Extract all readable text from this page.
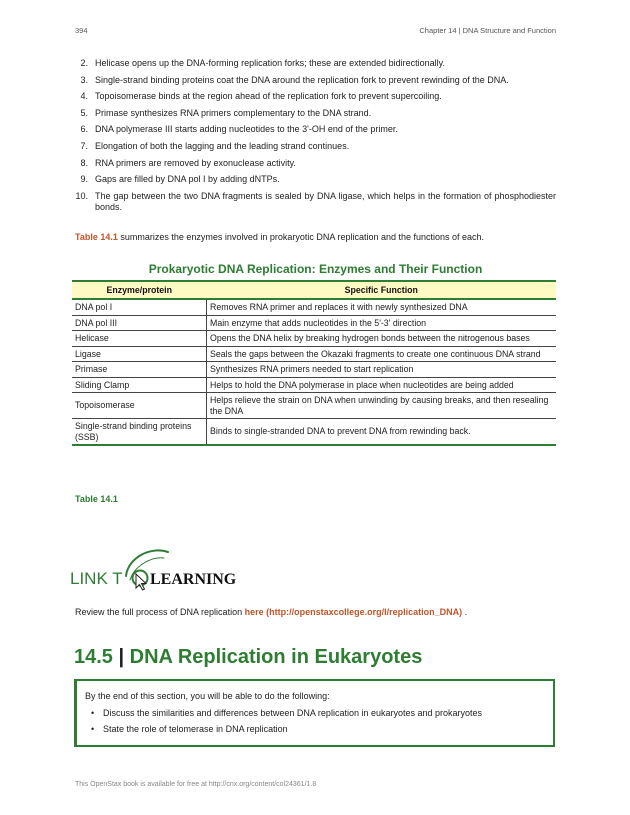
394	Chapter 14 | DNA Structure and Function
2. Helicase opens up the DNA-forming replication forks; these are extended bidirectionally.
3. Single-strand binding proteins coat the DNA around the replication fork to prevent rewinding of the DNA.
4. Topoisomerase binds at the region ahead of the replication fork to prevent supercoiling.
5. Primase synthesizes RNA primers complementary to the DNA strand.
6. DNA polymerase III starts adding nucleotides to the 3'-OH end of the primer.
7. Elongation of both the lagging and the leading strand continues.
8. RNA primers are removed by exonuclease activity.
9. Gaps are filled by DNA pol I by adding dNTPs.
10. The gap between the two DNA fragments is sealed by DNA ligase, which helps in the formation of phosphodiester bonds.
Table 14.1 summarizes the enzymes involved in prokaryotic DNA replication and the functions of each.
Prokaryotic DNA Replication: Enzymes and Their Function
Enzyme/protein	Specific Function
DNA pol I	Removes RNA primer and replaces it with newly synthesized DNA
DNA pol III	Main enzyme that adds nucleotides in the 5'-3' direction
Helicase	Opens the DNA helix by breaking hydrogen bonds between the nitrogenous bases
Ligase	Seals the gaps between the Okazaki fragments to create one continuous DNA strand
Primase	Synthesizes RNA primers needed to start replication
Sliding Clamp	Helps to hold the DNA polymerase in place when nucleotides are being added
Topoisomerase	Helps relieve the strain on DNA when unwinding by causing breaks, and then resealing the DNA
Single-strand binding proteins (SSB)	Binds to single-stranded DNA to prevent DNA from rewinding back.
Table 14.1
LINK T LEARNING
Review the full process of DNA replication here (http://openstaxcollege.org/l/replication_DNA) .
14.5 | DNA Replication in Eukaryotes
By the end of this section, you will be able to do the following:
• Discuss the similarities and differences between DNA replication in eukaryotes and prokaryotes
• State the role of telomerase in DNA replication
This OpenStax book is available for free at http://cnx.org/content/col24361/1.8
